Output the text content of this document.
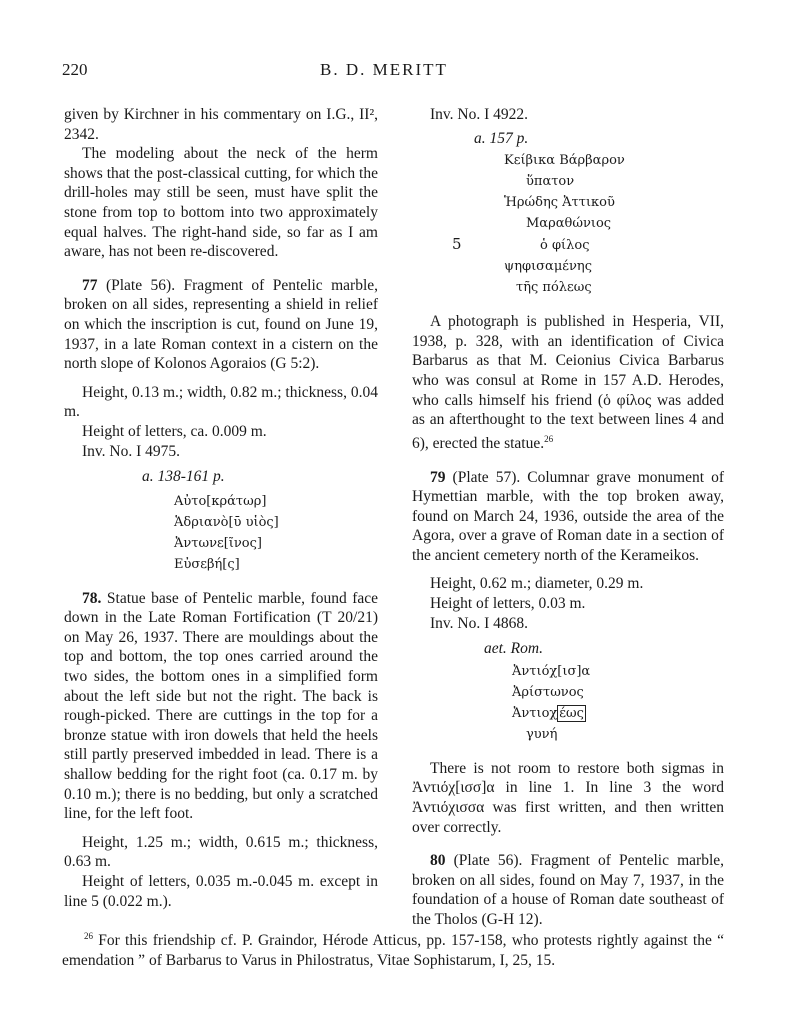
220	B. D. MERITT

given by Kirchner in his commentary on I.G., II², 2342.

The modeling about the neck of the herm shows that the post-classical cutting, for which the drill-holes may still be seen, must have split the stone from top to bottom into two approximately equal halves. The right-hand side, so far as I am aware, has not been re-discovered.

77 (Plate 56). Fragment of Pentelic marble, broken on all sides, representing a shield in relief on which the inscription is cut, found on June 19, 1937, in a late Roman context in a cistern on the north slope of Kolonos Agoraios (G 5:2).

Height, 0.13 m.; width, 0.82 m.; thickness, 0.04 m.

Height of letters, ca. 0.009 m.

Inv. No. I 4975.

a. 138-161 p.
Αὐτο[κράτωρ]
Ἁδριανὸ[ῡ υἱὸς]
Ἀντωνε[ῖνος]
Εὐσεβή[ς]

78. Statue base of Pentelic marble, found face down in the Late Roman Fortification (T 20/21) on May 26, 1937. There are mouldings about the top and bottom, the top ones carried around the two sides, the bottom ones in a simplified form about the left side but not the right. The back is rough-picked. There are cuttings in the top for a bronze statue with iron dowels that held the heels still partly preserved imbedded in lead. There is a shallow bedding for the right foot (ca. 0.17 m. by 0.10 m.); there is no bedding, but only a scratched line, for the left foot.

Height, 1.25 m.; width, 0.615 m.; thickness, 0.63 m.

Height of letters, 0.035 m.-0.045 m. except in line 5 (0.022 m.).

Inv. No. I 4922.

a. 157 p.
Κείβικα Βάρβαρον
ὕπατον
Ἡρώδης Ἀττικοῦ
Μαραθώνιος
5	ὁ φίλος
ψηφισαμένης
τῆς πόλεως

A photograph is published in Hesperia, VII, 1938, p. 328, with an identification of Civica Barbarus as that M. Ceionius Civica Barbarus who was consul at Rome in 157 A.D. Herodes, who calls himself his friend (ὁ φίλος was added as an afterthought to the text between lines 4 and 6), erected the statue.$^{26}$

79 (Plate 57). Columnar grave monument of Hymettian marble, with the top broken away, found on March 24, 1936, outside the area of the Agora, over a grave of Roman date in a section of the ancient cemetery north of the Kerameikos.

Height, 0.62 m.; diameter, 0.29 m.

Height of letters, 0.03 m.

Inv. No. I 4868.

aet. Rom.
Ἀντιόχ[ισ]α
Ἀρίστωνος
Ἀντιοχ έως
γυνή

There is not room to restore both sigmas in Ἀντιόχ[ισσ]α in line 1. In line 3 the word Ἀντιόχισσα was first written, and then written over correctly.

80 (Plate 56). Fragment of Pentelic marble, broken on all sides, found on May 7, 1937, in the foundation of a house of Roman date southeast of the Tholos (G-H 12).

$^{26}$ For this friendship cf. P. Graindor, Hérode Atticus, pp. 157-158, who protests rightly against the “ emendation ” of Barbarus to Varus in Philostratus, Vitae Sophistarum, I, 25, 15.
